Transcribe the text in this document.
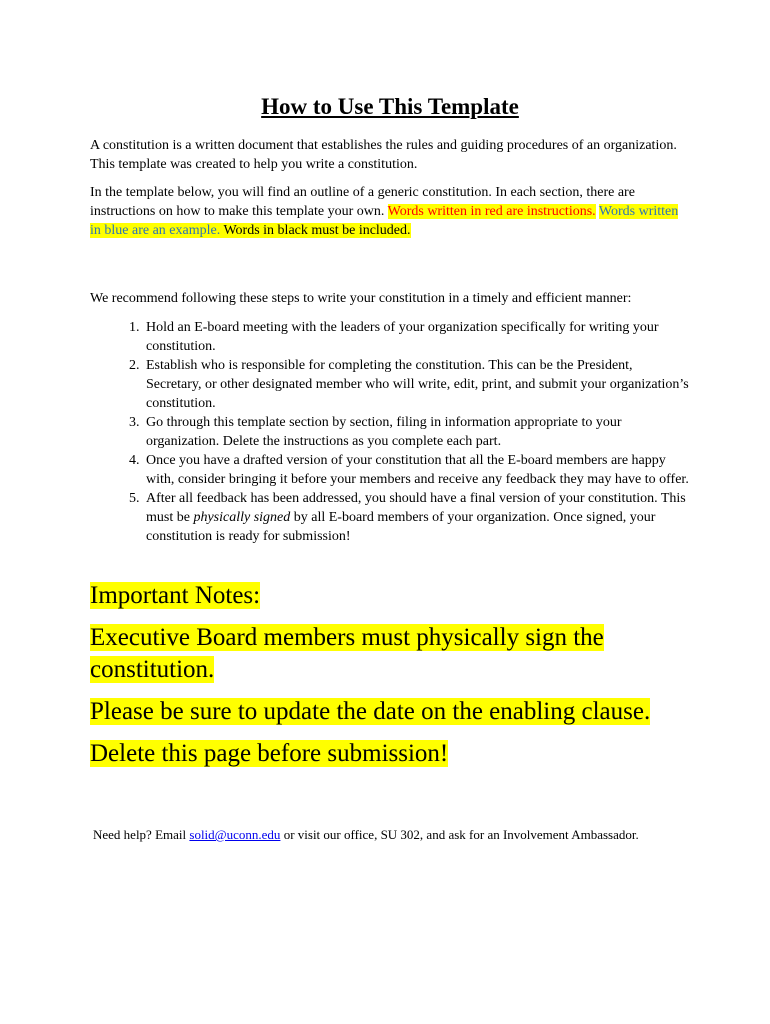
How to Use This Template

A constitution is a written document that establishes the rules and guiding procedures of an organization. This template was created to help you write a constitution.

In the template below, you will find an outline of a generic constitution. In each section, there are instructions on how to make this template your own. Words written in red are instructions. Words written in blue are an example. Words in black must be included.

We recommend following these steps to write your constitution in a timely and efficient manner:

1. Hold an E-board meeting with the leaders of your organization specifically for writing your constitution.
2. Establish who is responsible for completing the constitution. This can be the President, Secretary, or other designated member who will write, edit, print, and submit your organization’s constitution.
3. Go through this template section by section, filing in information appropriate to your organization. Delete the instructions as you complete each part.
4. Once you have a drafted version of your constitution that all the E-board members are happy with, consider bringing it before your members and receive any feedback they may have to offer.
5. After all feedback has been addressed, you should have a final version of your constitution. This must be physically signed by all E-board members of your organization. Once signed, your constitution is ready for submission!

Important Notes:

Executive Board members must physically sign the constitution.

Please be sure to update the date on the enabling clause.

Delete this page before submission!

Need help? Email solid@uconn.edu or visit our office, SU 302, and ask for an Involvement Ambassador.
